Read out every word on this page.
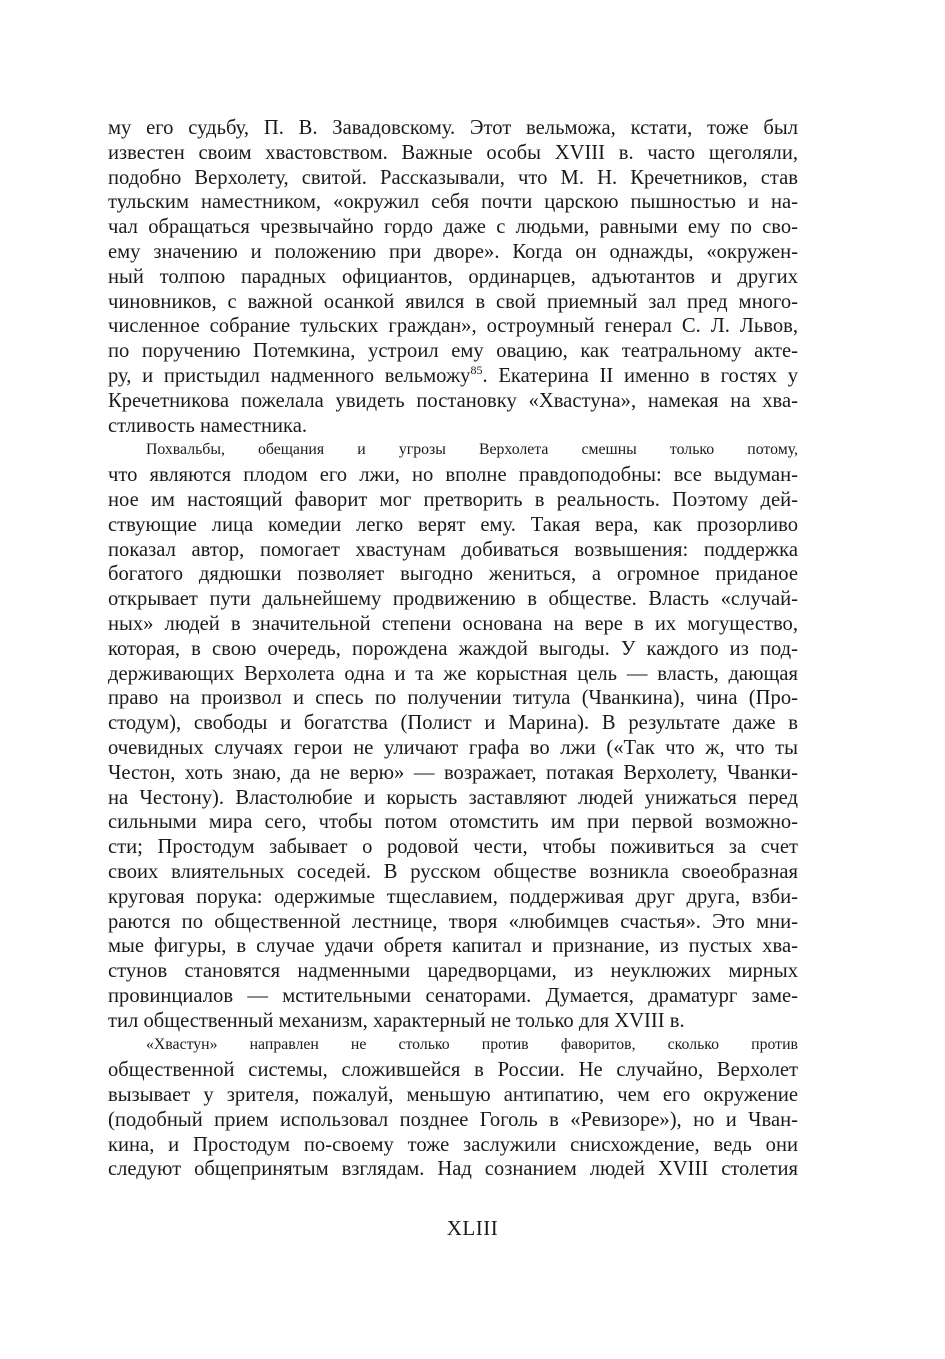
му его судьбу, П. В. Завадовскому. Этот вельможа, кстати, тоже был
известен своим хвастовством. Важные особы XVIII в. часто щеголяли,
подобно Верхолету, свитой. Рассказывали, что М. Н. Кречетников, став
тульским наместником, «окружил себя почти царскою пышностью и на-
чал обращаться чрезвычайно гордо даже с людьми, равными ему по сво-
ему значению и положению при дворе». Когда он однажды, «окружен-
ный толпою парадных официантов, ординарцев, адъютантов и других
чиновников, с важной осанкой явился в свой приемный зал пред много-
численное собрание тульских граждан», остроумный генерал С. Л. Львов,
по поручению Потемкина, устроил ему овацию, как театральному акте-
ру, и пристыдил надменного вельможу$^{85}$. Екатерина II именно в гостях у
Кречетникова пожелала увидеть постановку «Хвастуна», намекая на хва-
стливость наместника.
Похвальбы, обещания и угрозы Верхолета смешны только потому,
что являются плодом его лжи, но вполне правдоподобны: все выдуман-
ное им настоящий фаворит мог претворить в реальность. Поэтому дей-
ствующие лица комедии легко верят ему. Такая вера, как прозорливо
показал автор, помогает хвастунам добиваться возвышения: поддержка
богатого дядюшки позволяет выгодно жениться, а огромное приданое
открывает пути дальнейшему продвижению в обществе. Власть «случай-
ных» людей в значительной степени основана на вере в их могущество,
которая, в свою очередь, порождена жаждой выгоды. У каждого из под-
держивающих Верхолета одна и та же корыстная цель — власть, дающая
право на произвол и спесь по получении титула (Чванкина), чина (Про-
стодум), свободы и богатства (Полист и Марина). В результате даже в
очевидных случаях герои не уличают графа во лжи («Так что ж, что ты
Честон, хоть знаю, да не верю» — возражает, потакая Верхолету, Чванки-
на Честону). Властолюбие и корысть заставляют людей унижаться перед
сильными мира сего, чтобы потом отомстить им при первой возможно-
сти; Простодум забывает о родовой чести, чтобы поживиться за счет
своих влиятельных соседей. В русском обществе возникла своеобразная
круговая порука: одержимые тщеславием, поддерживая друг друга, взби-
раются по общественной лестнице, творя «любимцев счастья». Это мни-
мые фигуры, в случае удачи обретя капитал и признание, из пустых хва-
стунов становятся надменными царедворцами, из неуклюжих мирных
провинциалов — мстительными сенаторами. Думается, драматург заме-
тил общественный механизм, характерный не только для XVIII в.
«Хвастун» направлен не столько против фаворитов, сколько против
общественной системы, сложившейся в России. Не случайно, Верхолет
вызывает у зрителя, пожалуй, меньшую антипатию, чем его окружение
(подобный прием использовал позднее Гоголь в «Ревизоре»), но и Чван-
кина, и Простодум по-своему тоже заслужили снисхождение, ведь они
следуют общепринятым взглядам. Над сознанием людей XVIII столетия
XLIII
